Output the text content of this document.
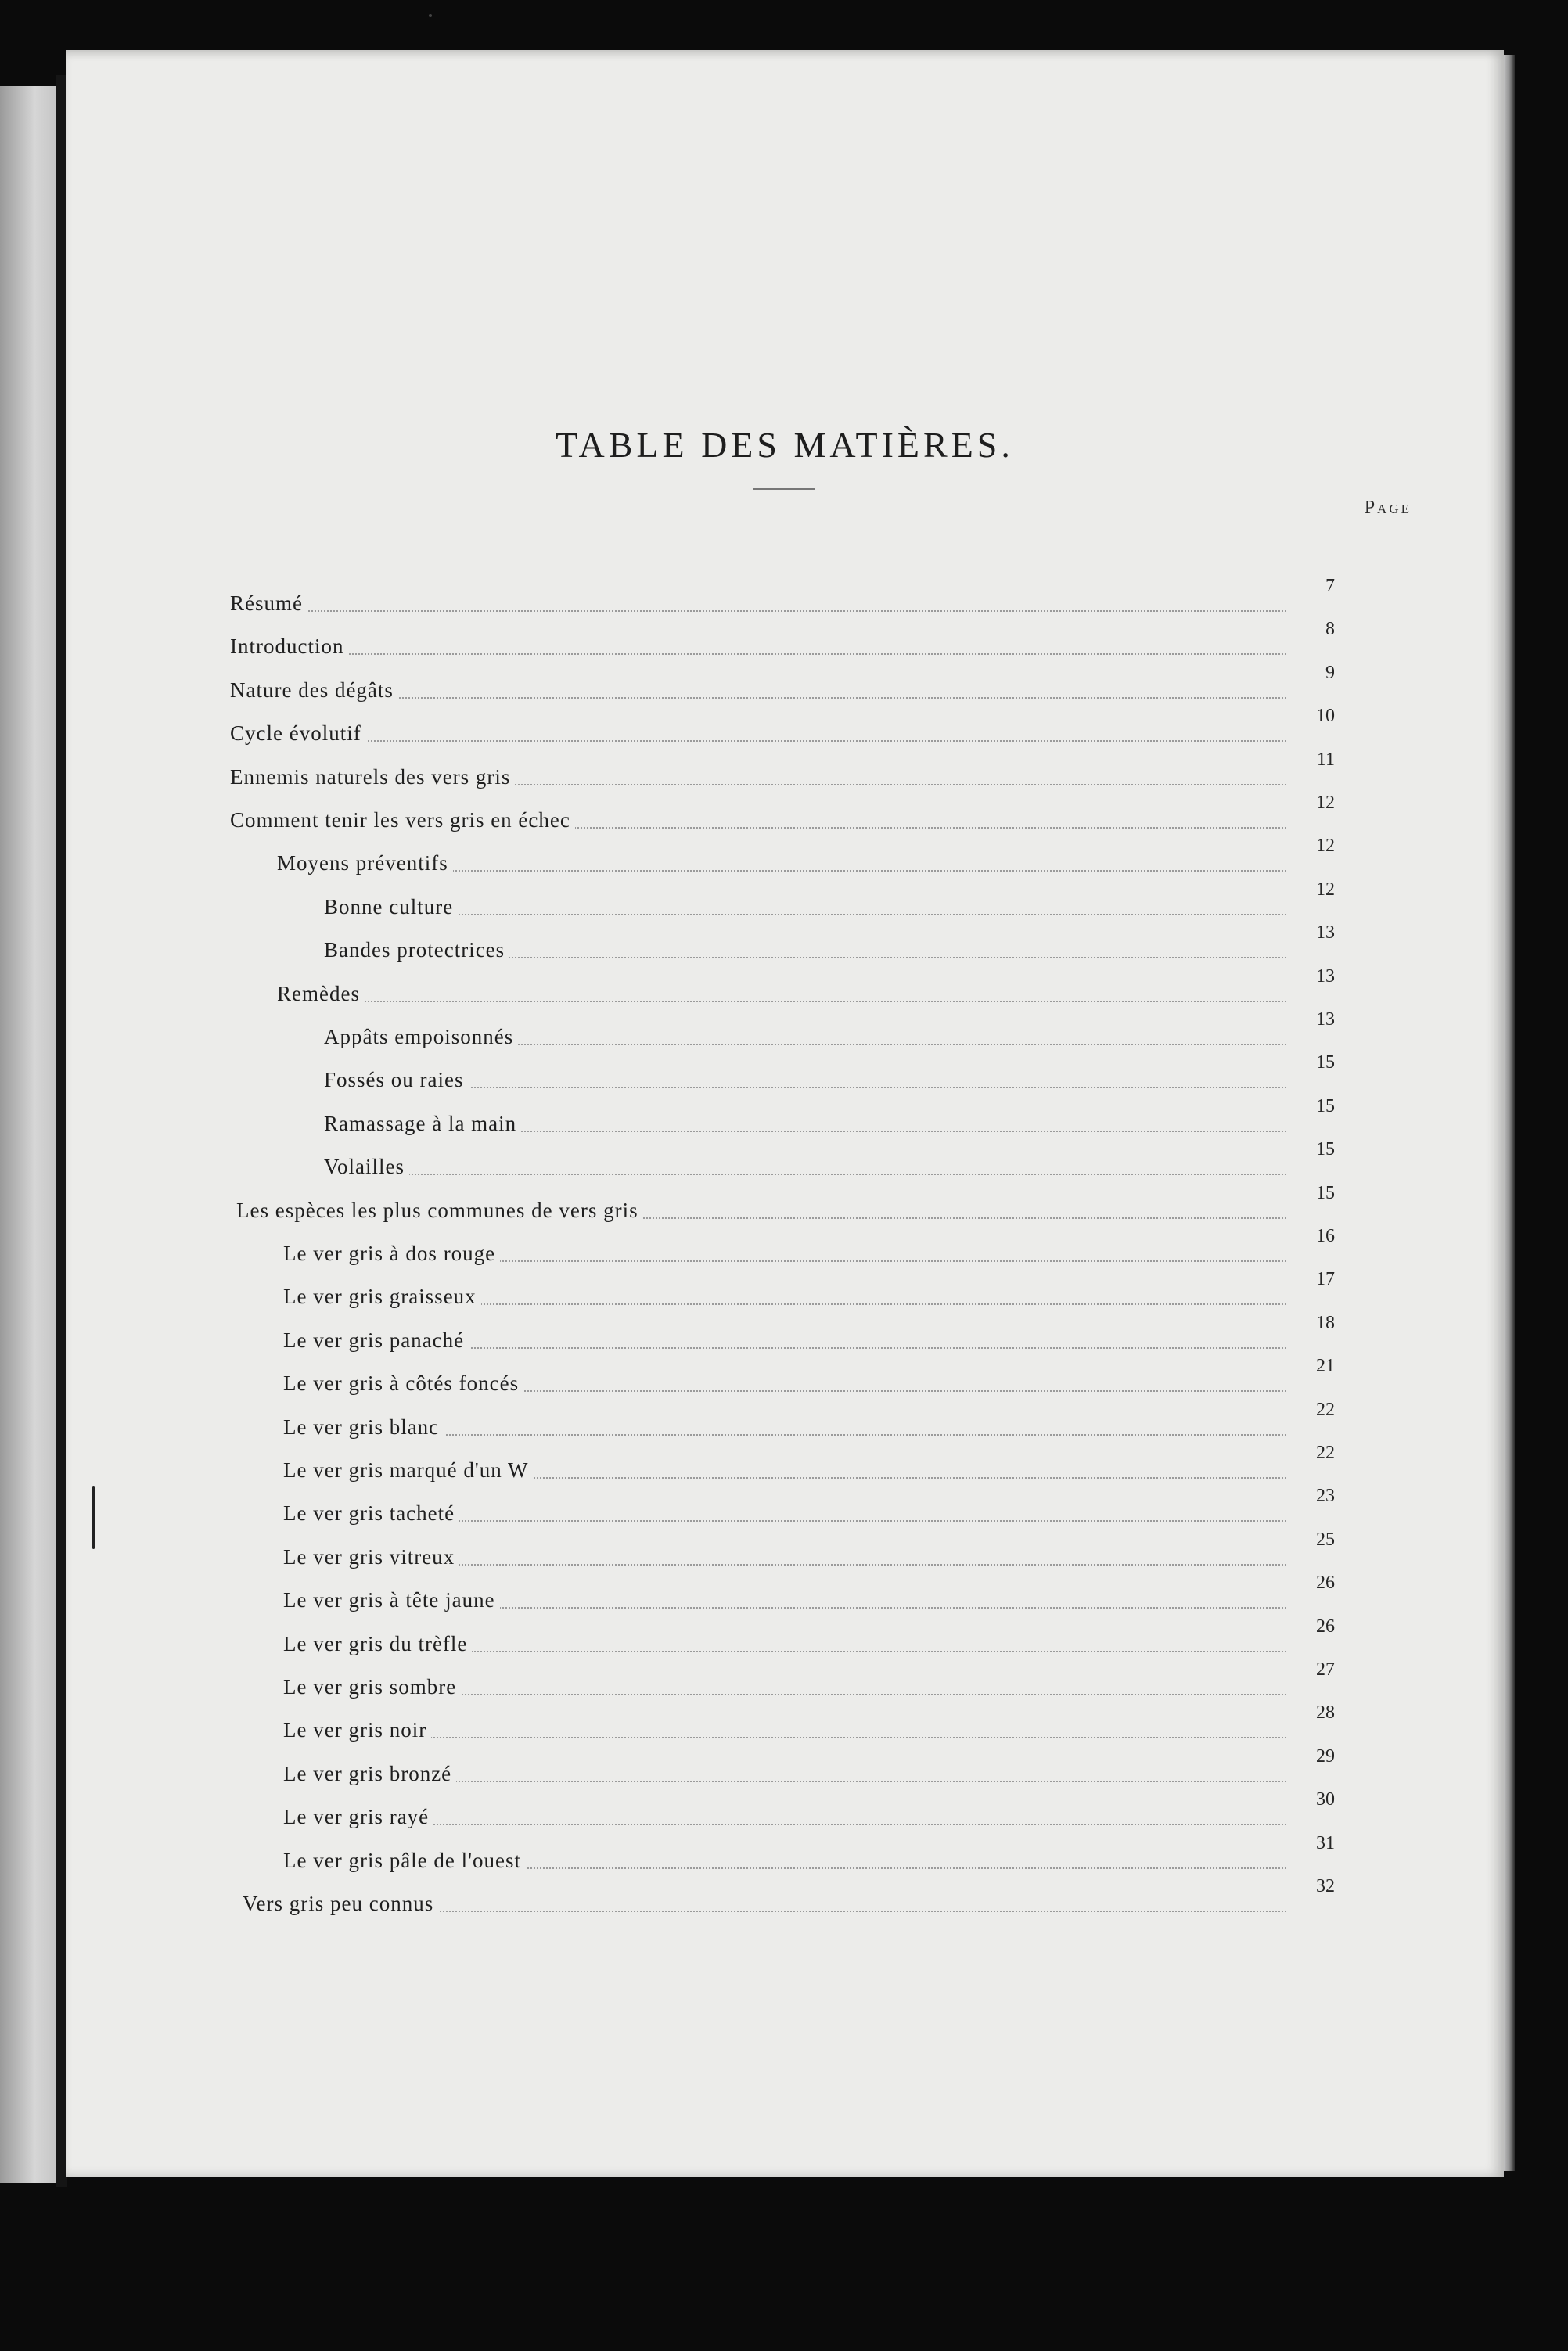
TABLE DES MATIÈRES.
Page
Résumé
7
Introduction
8
Nature des dégâts
9
Cycle évolutif
10
Ennemis naturels des vers gris
11
Comment tenir les vers gris en échec
12
Moyens préventifs
12
Bonne culture
12
Bandes protectrices
13
Remèdes
13
Appâts empoisonnés
13
Fossés ou raies
15
Ramassage à la main
15
Volailles
15
Les espèces les plus communes de vers gris
15
Le ver gris à dos rouge
16
Le ver gris graisseux
17
Le ver gris panaché
18
Le ver gris à côtés foncés
21
Le ver gris blanc
22
Le ver gris marqué d'un W
22
Le ver gris tacheté
23
Le ver gris vitreux
25
Le ver gris à tête jaune
26
Le ver gris du trèfle
26
Le ver gris sombre
27
Le ver gris noir
28
Le ver gris bronzé
29
Le ver gris rayé
30
Le ver gris pâle de l'ouest
31
Vers gris peu connus
32
